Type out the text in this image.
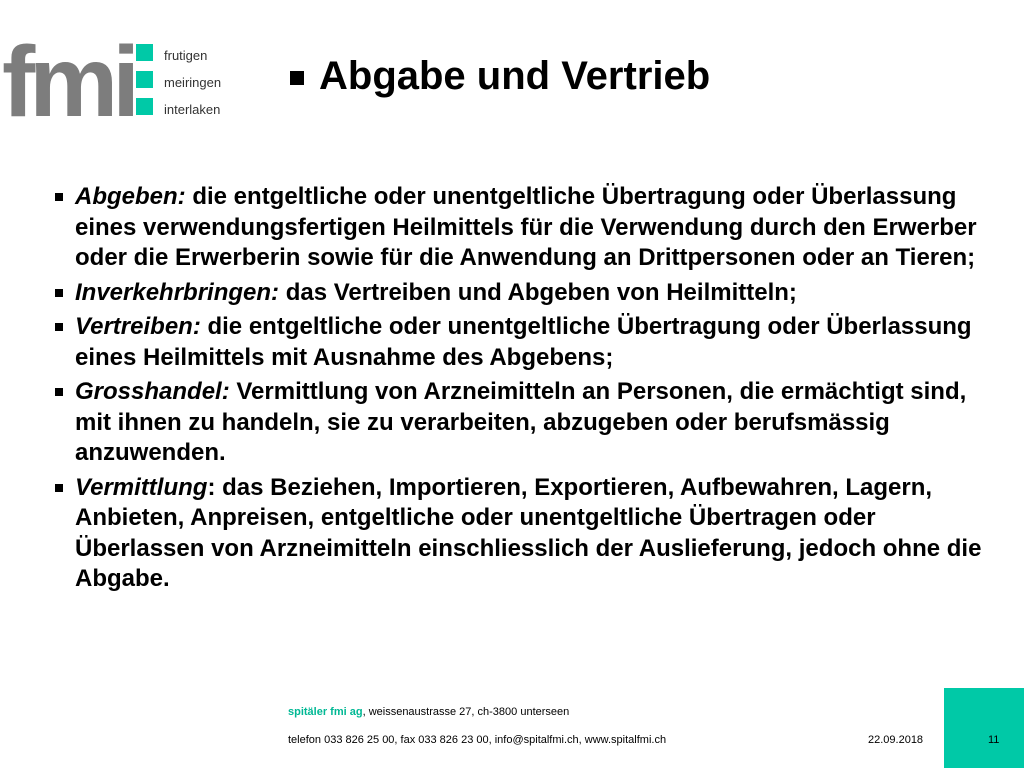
fmi frutigen
meiringen
interlaken
Abgabe und Vertrieb
Abgeben: die entgeltliche oder unentgeltliche Übertragung oder Überlassung eines verwendungsfertigen Heilmittels für die Verwendung durch den Erwerber oder die Erwerberin sowie für die Anwendung an Drittpersonen oder an Tieren;
Inverkehrbringen: das Vertreiben und Abgeben von Heilmitteln;
Vertreiben: die entgeltliche oder unentgeltliche Übertragung oder Überlassung eines Heilmittels mit Ausnahme des Abgebens;
Grosshandel: Vermittlung von Arzneimitteln an Personen, die ermächtigt sind, mit ihnen zu handeln, sie zu verarbeiten, abzugeben oder berufsmässig anzuwenden.
Vermittlung: das Beziehen, Importieren, Exportieren, Aufbewahren, Lagern, Anbieten, Anpreisen, entgeltliche oder unentgeltliche Übertragen oder Überlassen von Arzneimitteln einschliesslich der Auslieferung, jedoch ohne die Abgabe.
spitäler fmi ag, weissenaustrasse 27, ch-3800 unterseen
telefon 033 826 25 00, fax 033 826 23 00, info@spitalfmi.ch, www.spitalfmi.ch	22.09.2018	11
